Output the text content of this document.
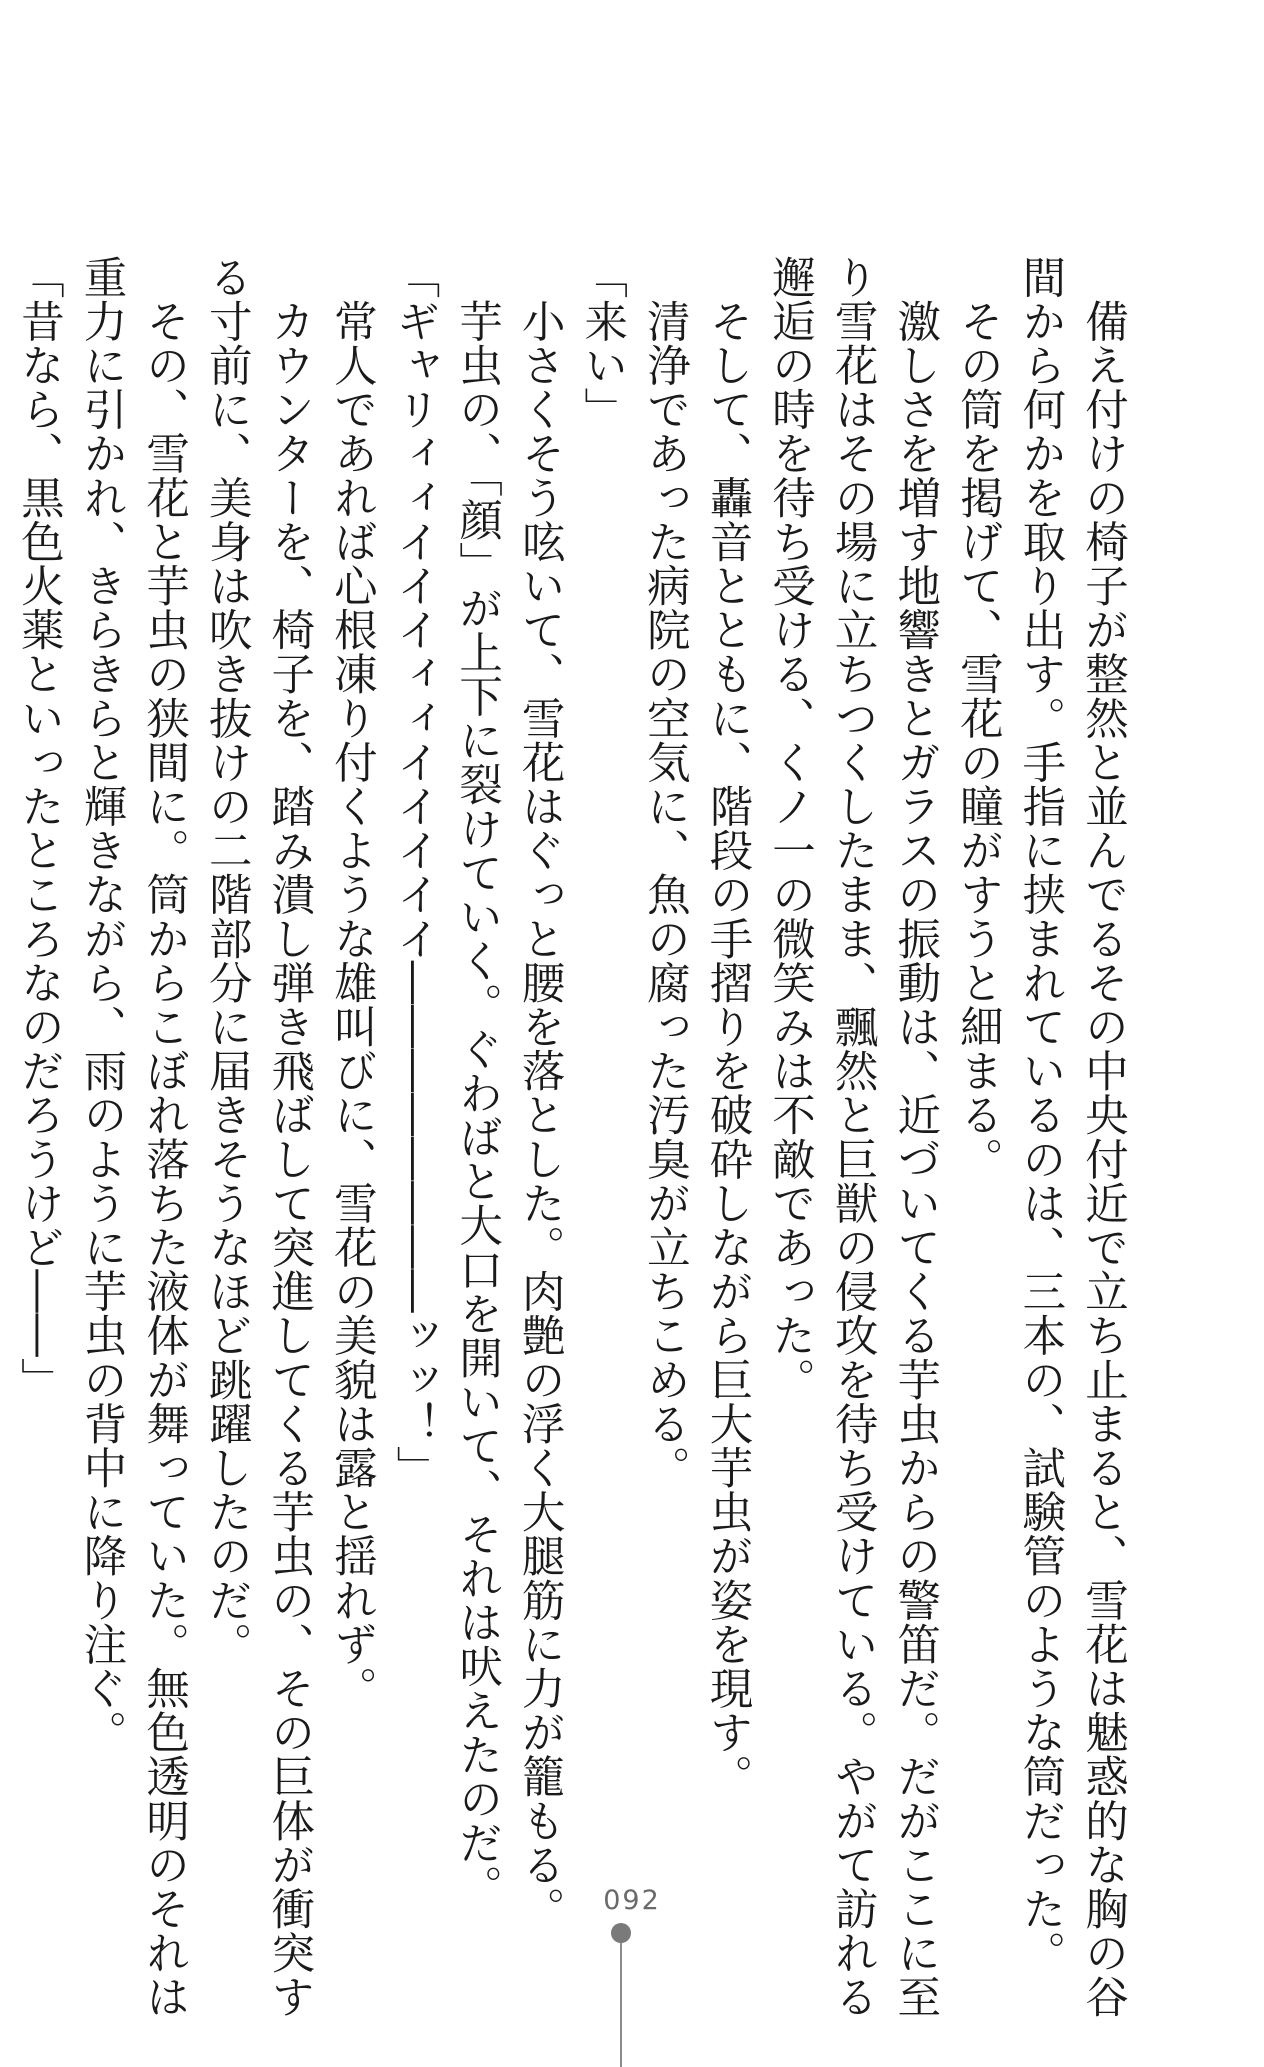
　備え付けの椅子が整然と並んでるその中央付近で立ち止まると、雪花は魅惑的な胸の谷

間から何かを取り出す。手指に挟まれているのは、三本の、試験管のような筒だった。

　その筒を掲げて、雪花の瞳がすうと細まる。

　激しさを増す地響きとガラスの振動は、近づいてくる芋虫からの警笛だ。だがここに至

り雪花はその場に立ちつくしたまま、飄然と巨獣の侵攻を待ち受けている。やがて訪れる

邂逅の時を待ち受ける、くノ一の微笑みは不敵であった。

　そして、轟音とともに、階段の手摺りを破砕しながら巨大芋虫が姿を現す。

　清浄であった病院の空気に、魚の腐った汚臭が立ちこめる。

「来い」

　小さくそう呟いて、雪花はぐっと腰を落とした。肉艶の浮く大腿筋に力が籠もる。

　芋虫の、「顔」が上下に裂けていく。ぐわばと大口を開いて、それは吠えたのだ。

「ギャリィィイイイィィイイイイイ――――――――ッッ！」

　常人であれば心根凍り付くような雄叫びに、雪花の美貌は露と揺れず。

　カウンターを、椅子を、踏み潰し弾き飛ばして突進してくる芋虫の、その巨体が衝突す

る寸前に、美身は吹き抜けの二階部分に届きそうなほど跳躍したのだ。

　その、雪花と芋虫の狭間に。筒からこぼれ落ちた液体が舞っていた。無色透明のそれは

重力に引かれ、きらきらと輝きながら、雨のように芋虫の背中に降り注ぐ。

「昔なら、黒色火薬といったところなのだろうけど――」

092
